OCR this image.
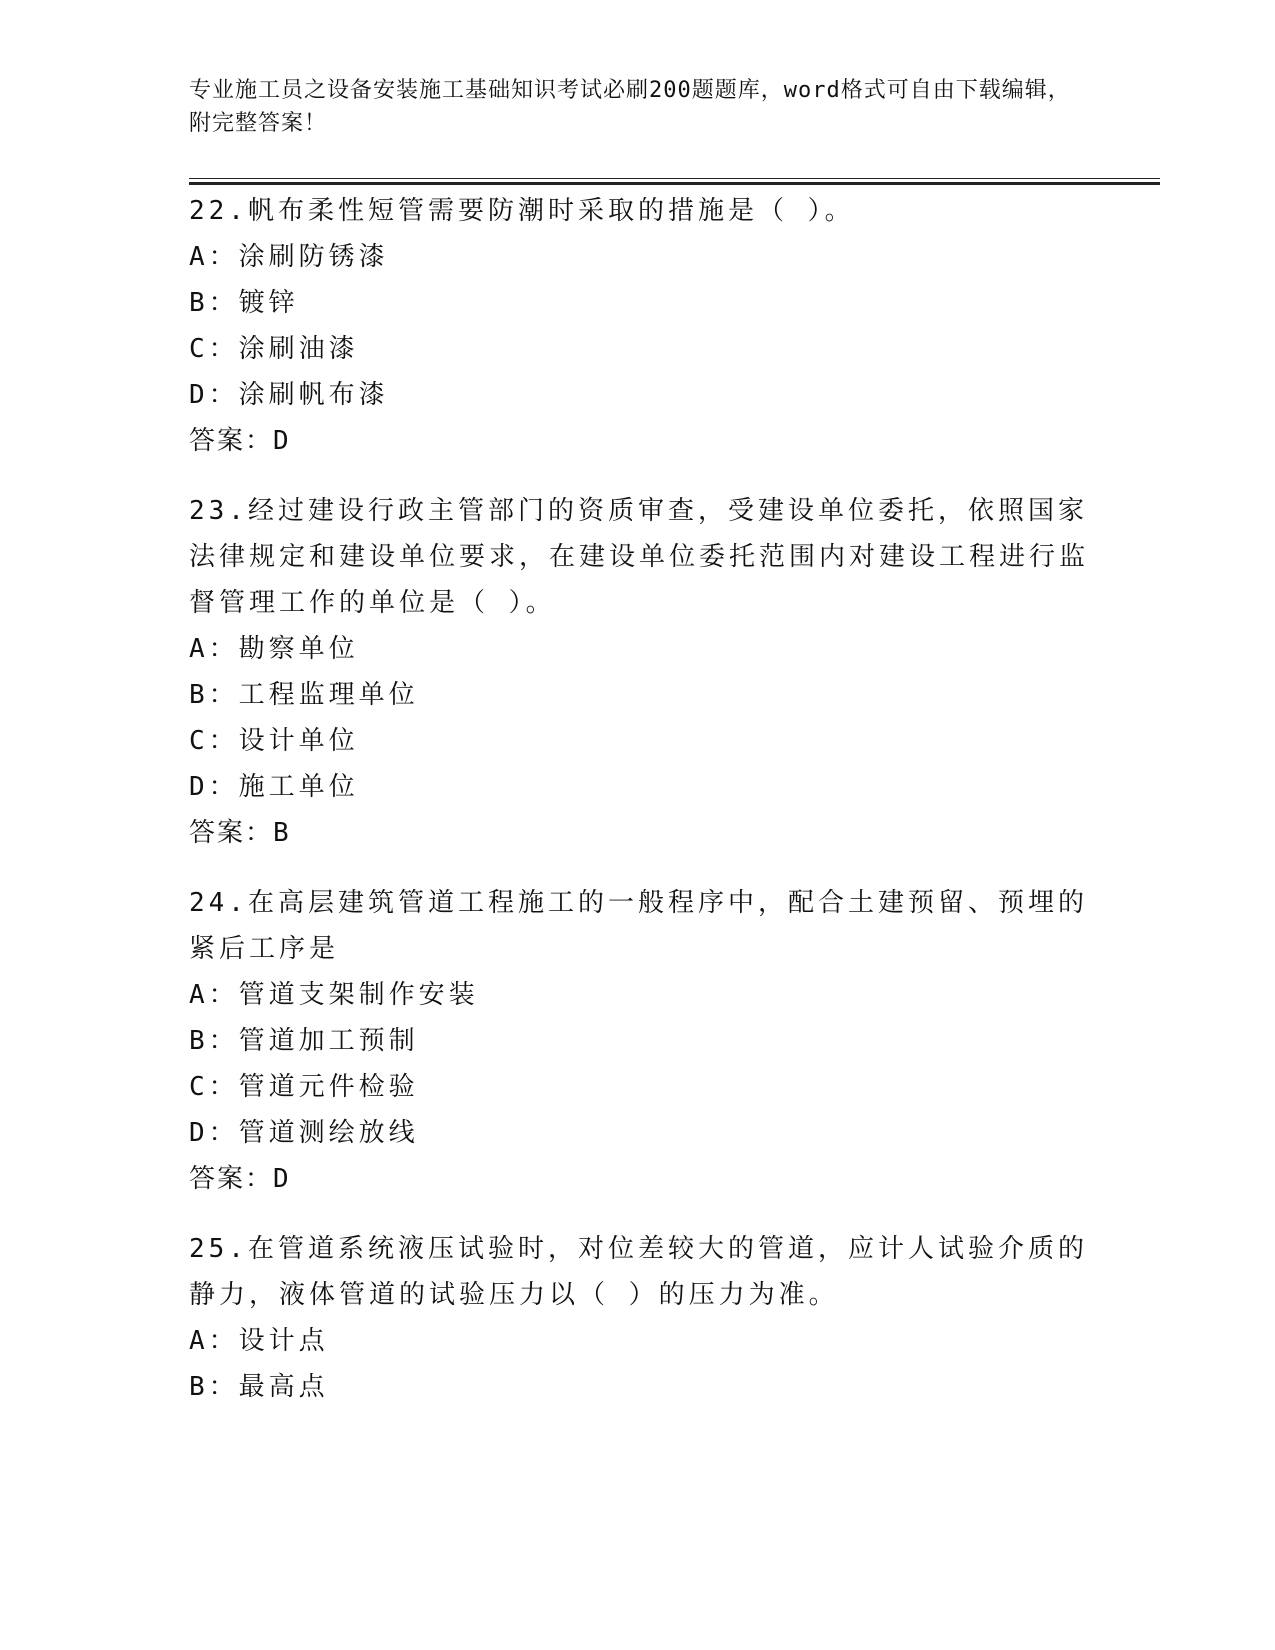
专业施工员之设备安装施工基础知识考试必刷200题题库，word格式可自由下载编辑，附完整答案！
22.帆布柔性短管需要防潮时采取的措施是（ ）。
A：涂刷防锈漆
B：镀锌
C：涂刷油漆
D：涂刷帆布漆
答案：D
23.经过建设行政主管部门的资质审查，受建设单位委托，依照国家法律规定和建设单位要求，在建设单位委托范围内对建设工程进行监督管理工作的单位是（ ）。
A：勘察单位
B：工程监理单位
C：设计单位
D：施工单位
答案：B
24.在高层建筑管道工程施工的一般程序中，配合土建预留、预埋的紧后工序是
A：管道支架制作安装
B：管道加工预制
C：管道元件检验
D：管道测绘放线
答案：D
25.在管道系统液压试验时，对位差较大的管道，应计人试验介质的静力，液体管道的试验压力以（ ）的压力为准。
A：设计点
B：最高点
